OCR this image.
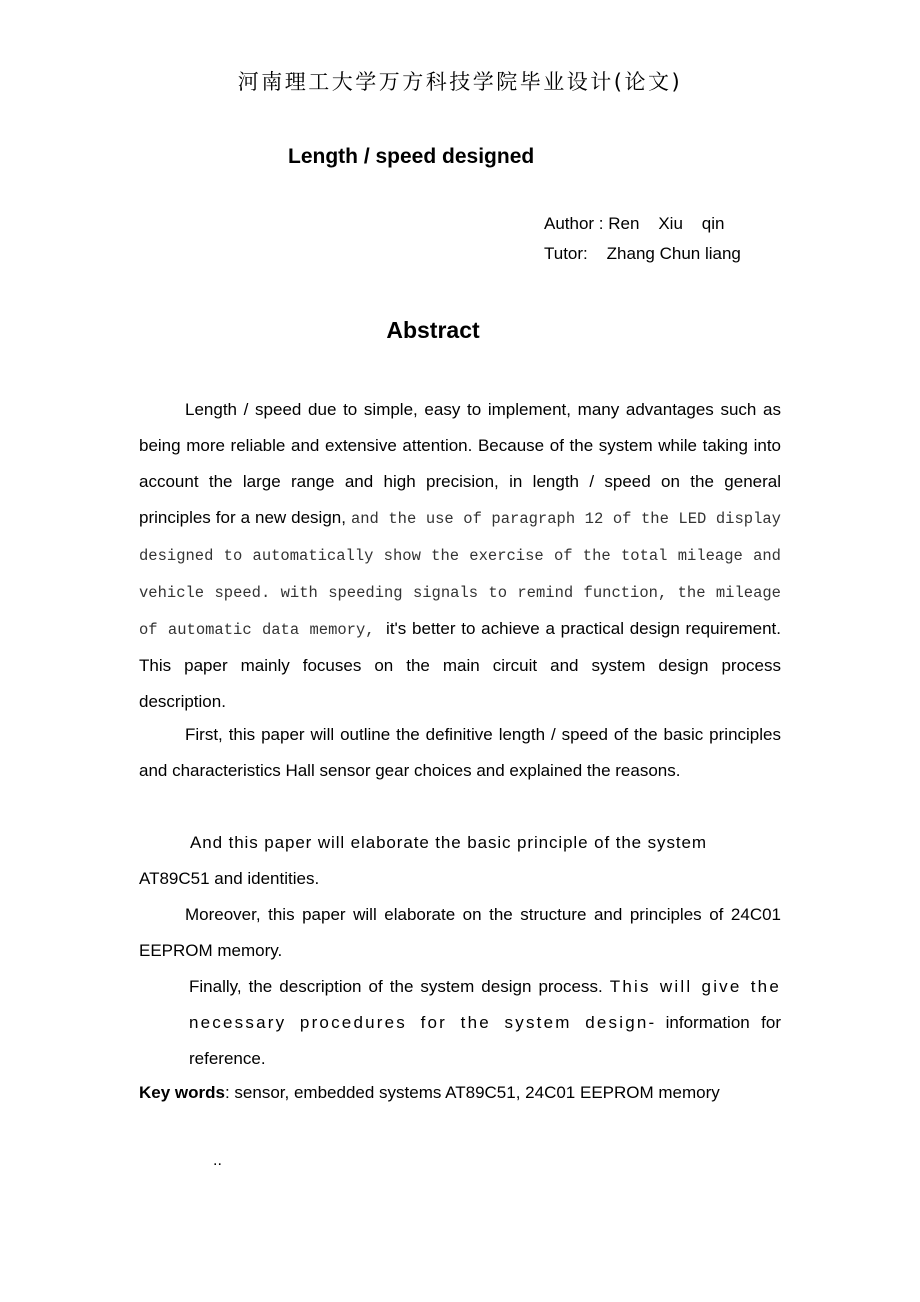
河南理工大学万方科技学院毕业设计(论文)
Length / speed designed
Author : Ren    Xiu    qin
Tutor:    Zhang Chun liang
Abstract
Length / speed due to simple, easy to implement, many advantages such as being more reliable and extensive attention. Because of the system while taking into account the large range and high precision, in length / speed on the general principles for a new design, and the use of paragraph 12 of the LED display designed to automatically show the exercise of the total mileage and vehicle speed. with speeding signals to remind function, the mileage of automatic data memory,  it's better to achieve a practical design requirement. This paper mainly focuses on the main circuit and system design process description.
First, this paper will outline the definitive length / speed of the basic principles and characteristics Hall sensor gear choices and explained the reasons.
And this paper will elaborate the basic principle of the system
AT89C51 and identities.
Moreover, this paper will elaborate on the structure and principles of 24C01 EEPROM memory.
Finally, the description of the system design process. This will give the necessary procedures for the system design- information for reference.
Key words: sensor, embedded systems AT89C51, 24C01 EEPROM memory
..
